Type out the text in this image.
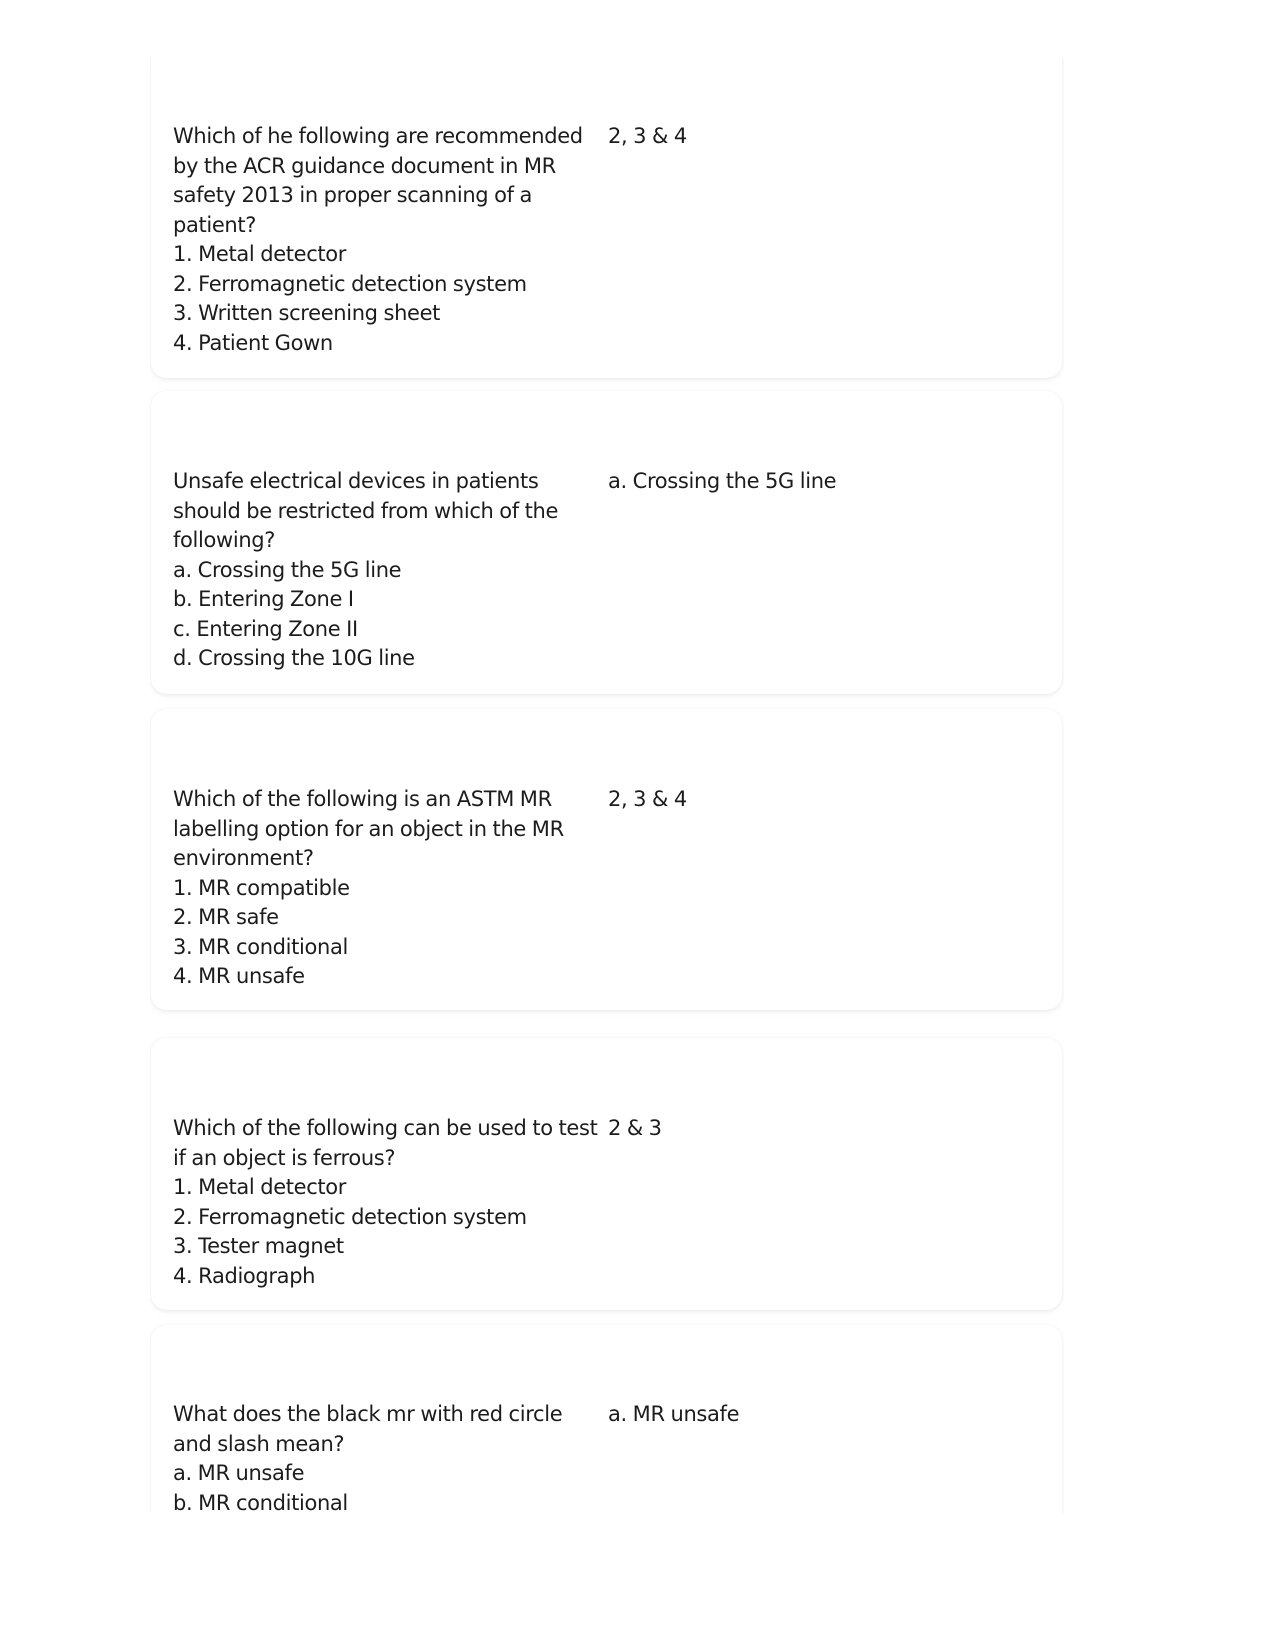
Which of he following are recommended
by the ACR guidance document in MR
safety 2013 in proper scanning of a
patient?
1. Metal detector
2. Ferromagnetic detection system
3. Written screening sheet
4. Patient Gown
2, 3 & 4
Unsafe electrical devices in patients
should be restricted from which of the
following?
a. Crossing the 5G line
b. Entering Zone I
c. Entering Zone II
d. Crossing the 10G line
a. Crossing the 5G line
Which of the following is an ASTM MR
labelling option for an object in the MR
environment?
1. MR compatible
2. MR safe
3. MR conditional
4. MR unsafe
2, 3 & 4
Which of the following can be used to test
if an object is ferrous?
1. Metal detector
2. Ferromagnetic detection system
3. Tester magnet
4. Radiograph
2 & 3
What does the black mr with red circle
and slash mean?
a. MR unsafe
b. MR conditional
a. MR unsafe
